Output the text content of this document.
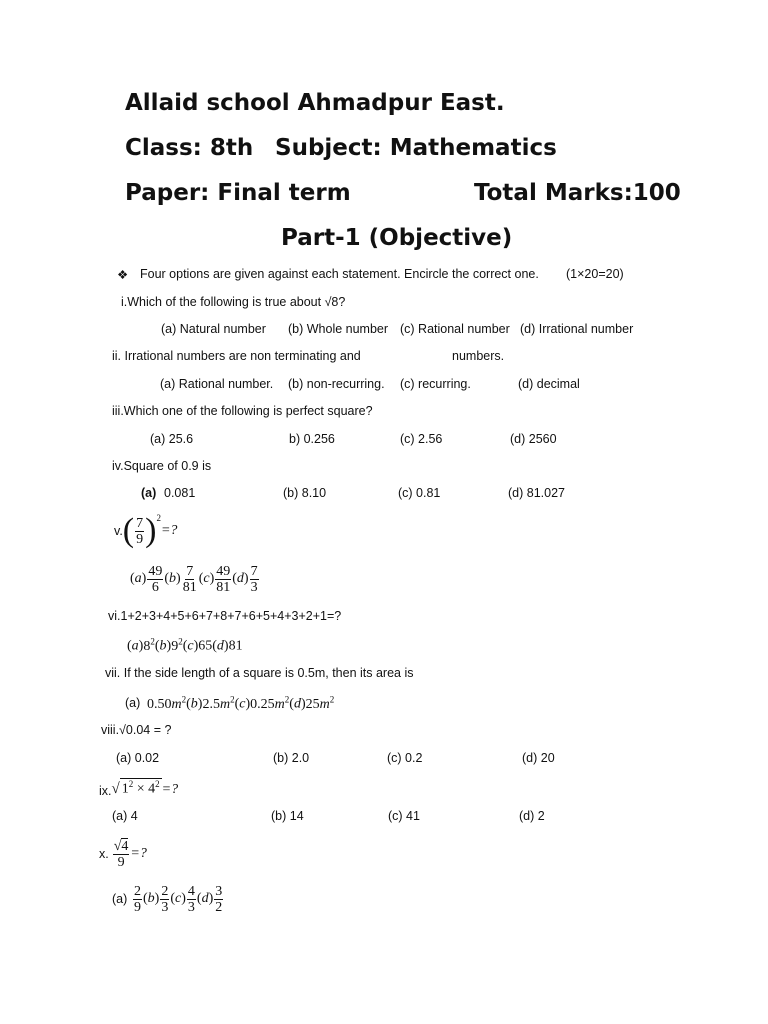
Allaid school Ahmadpur East.
Class: 8th Subject: Mathematics
Paper: Final term	Total Marks:100
Part-1 (Objective)
❖ Four options are given against each statement. Encircle the correct one. (1×20=20)
i.Which of the following is true about √8?
(a) Natural number (b) Whole number (c) Rational number (d) Irrational number
ii. Irrational numbers are non terminating and	numbers.
(a) Rational number. (b) non-recurring. (c) recurring.	(d) decimal
iii.Which one of the following is perfect square?
(a) 25.6	b) 0.256	(c) 2.56	(d) 2560
iv.Square of 0.9 is
(a) 0.081	(b) 8.10	(c) 0.81	(d) 81.027
v. ( $\frac{7}{9} )^2$
=?
( a ) $\frac{49}{6}$ ( b ) $\frac{7}{81}$ ( c ) $\frac{49}{81}$ ( d ) $\frac{7}{3}$
vi.1+2+3+4+5+6+7+8+7+6+5+4+3+2+1=?
$(a)8^2(b)9^2(c)65(d)81$
vii. If the side length of a square is 0.5m, then its area is
(a) $0.50m^2(b)2.5m^2(c)0.25m^2(d)25m^2$
viii.√0.04 = ?
(a) 0.02	(b) 2.0	(c) 0.2	(d) 20
ix. √ $1^2 \times 4^2$ =?
(a) 4	(b) 14	(c) 41	(d) 2
x. $\frac{√4}{9}$ =?
$(a) \frac{2}{9}$ ( b ) $\frac{2}{3}$ ( c ) $\frac{4}{3}$ ( d ) $\frac{3}{2}$
